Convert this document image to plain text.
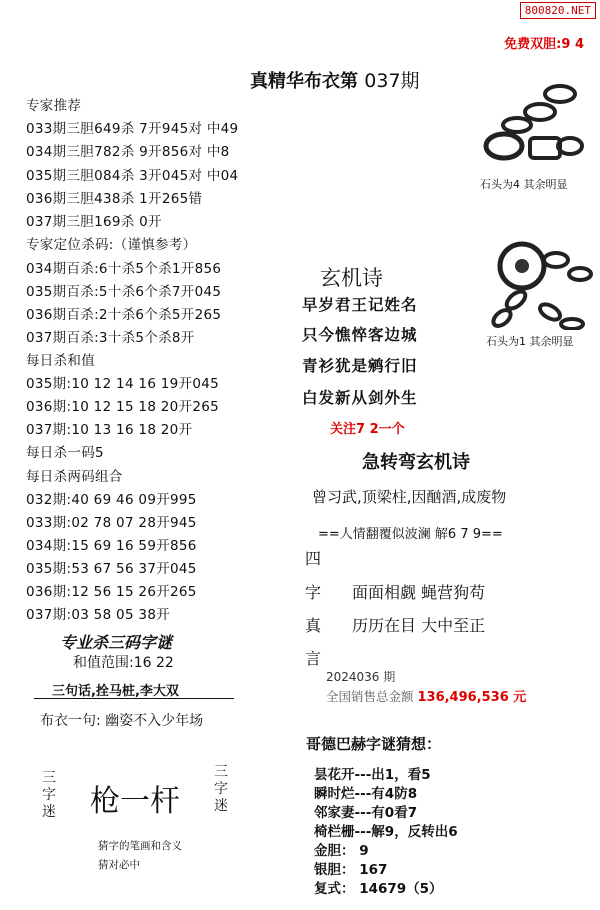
800820.NET
免费双胆:9 4
真精华布衣第 037期
专家推荐
033期三胆649杀 7开945对 中49
034期三胆782杀 9开856对 中8
035期三胆084杀 3开045对 中04
036期三胆438杀 1开265错
037期三胆169杀 0开
专家定位杀码:（谨慎参考）
034期百杀:6十杀5个杀1开856
035期百杀:5十杀6个杀7开045
036期百杀:2十杀6个杀5开265
037期百杀:3十杀5个杀8开
每日杀和值
035期:10 12 14 16 19开045
036期:10 12 15 18 20开265
037期:10 13 16 18 20开
每日杀一码5
每日杀两码组合
032期:40 69 46 09开995
033期:02 78 07 28开945
034期:15 69 16 59开856
035期:53 67 56 37开045
036期:12 56 15 26开265
037期:03 58 05 38开
专业杀三码字谜
和值范围:16 22
三句话,拴马桩,李大双
布衣一句: 幽姿不入少年场
三字迷 枪一杆
三字迷
猜字的笔画和含义
猜对必中
石头为4 其余明显
石头为1 其余明显
玄机诗
早岁君王记姓名
只今憔悴客边城
青衫犹是鹓行旧
白发新从剑外生
关注7 2一个
急转弯玄机诗
曾习武,顶梁柱,因酗酒,成废物
==人情翻覆似波澜 解6 7 9==
四
字
真
言
面面相觑 蝇营狗苟
历历在目 大中至正
2024036 期
全国销售总金额 136,496,536 元
哥德巴赫字谜猜想：
昙花开---出1，看5
瞬时烂---有4防8
邻家妻---有0看7
椅栏栅---解9，反转出6
金胆： 9
银胆： 167
复式： 14679（5）
